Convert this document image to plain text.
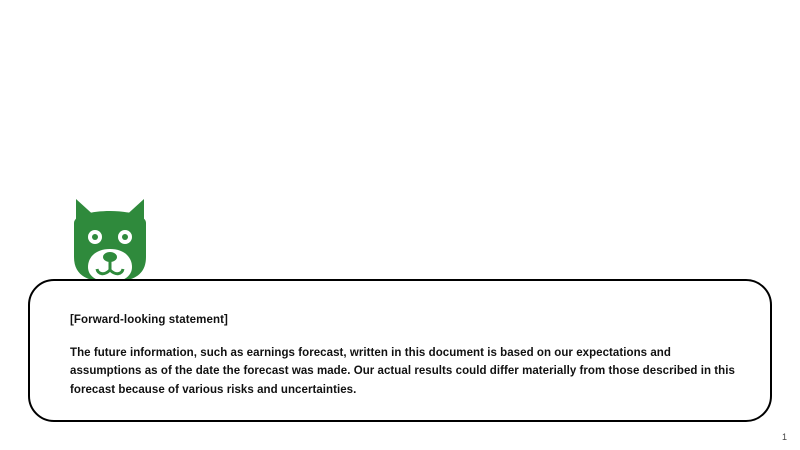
[Forward-looking statement]

The future information, such as earnings forecast, written in this document is based on our expectations and assumptions as of the date the forecast was made. Our actual results could differ materially from those described in this forecast because of various risks and uncertainties.

1
